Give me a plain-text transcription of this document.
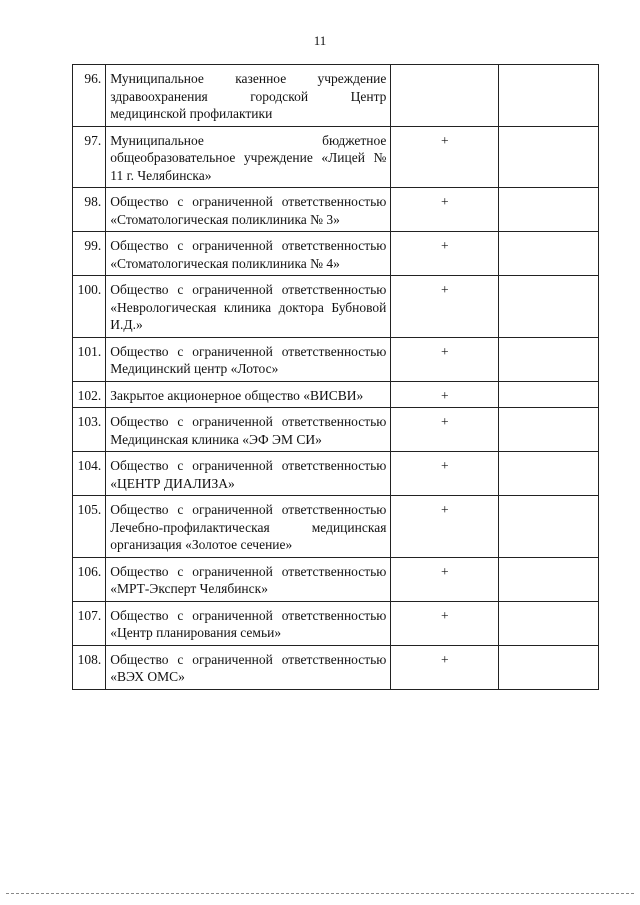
11
96.	Муниципальное казенное учреждение здравоохранения городской Центр медицинской профилактики		
97.	Муниципальное бюджетное общеобразовательное учреждение «Лицей № 11 г. Челябинска»	+	
98.	Общество с ограниченной ответственностью «Стоматологическая поликлиника № 3»	+	
99.	Общество с ограниченной ответственностью «Стоматологическая поликлиника № 4»	+	
100.	Общество с ограниченной ответственностью «Неврологическая клиника доктора Бубновой И.Д.»	+	
101.	Общество с ограниченной ответственностью Медицинский центр «Лотос»	+	
102.	Закрытое акционерное общество «ВИСВИ»	+	
103.	Общество с ограниченной ответственностью Медицинская клиника «ЭФ ЭМ СИ»	+	
104.	Общество с ограниченной ответственностью «ЦЕНТР ДИАЛИЗА»	+	
105.	Общество с ограниченной ответственностью Лечебно-профилактическая медицинская организация «Золотое сечение»	+	
106.	Общество с ограниченной ответственностью «МРТ-Эксперт Челябинск»	+	
107.	Общество с ограниченной ответственностью «Центр планирования семьи»	+	
108.	Общество с ограниченной ответственностью «ВЭХ ОМС»	+	
